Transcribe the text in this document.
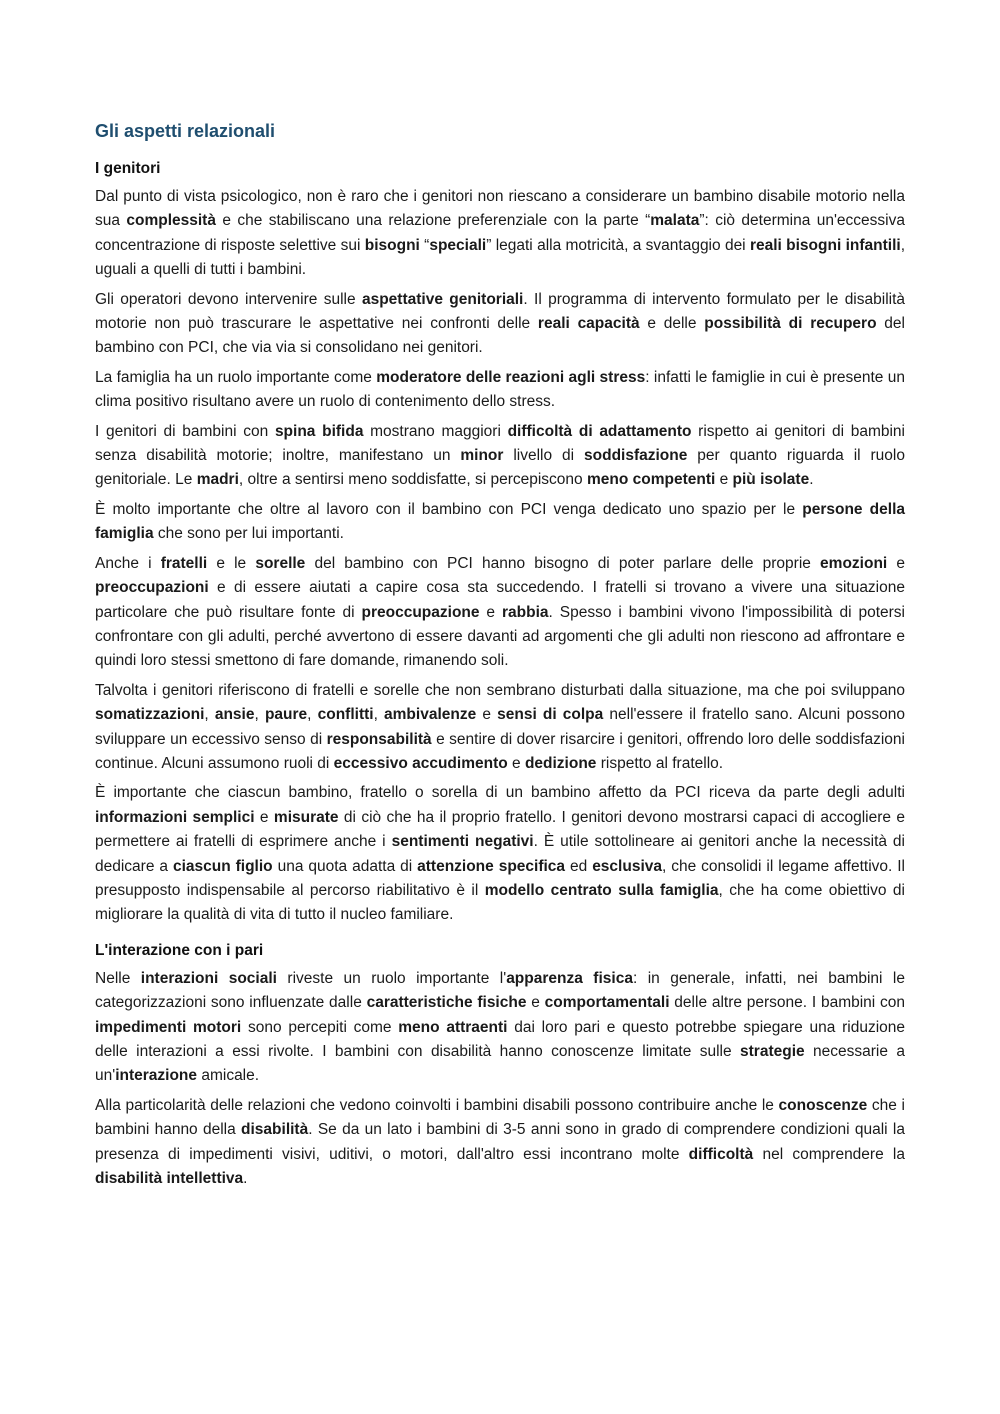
Gli aspetti relazionali
I genitori

Dal punto di vista psicologico, non è raro che i genitori non riescano a considerare un bambino disabile motorio nella sua complessità e che stabiliscano una relazione preferenziale con la parte “malata”: ciò determina un'eccessiva concentrazione di risposte selettive sui bisogni “speciali” legati alla motricità, a svantaggio dei reali bisogni infantili, uguali a quelli di tutti i bambini.

Gli operatori devono intervenire sulle aspettative genitoriali. Il programma di intervento formulato per le disabilità motorie non può trascurare le aspettative nei confronti delle reali capacità e delle possibilità di recupero del bambino con PCI, che via via si consolidano nei genitori.

La famiglia ha un ruolo importante come moderatore delle reazioni agli stress: infatti le famiglie in cui è presente un clima positivo risultano avere un ruolo di contenimento dello stress.

I genitori di bambini con spina bifida mostrano maggiori difficoltà di adattamento rispetto ai genitori di bambini senza disabilità motorie; inoltre, manifestano un minor livello di soddisfazione per quanto riguarda il ruolo genitoriale. Le madri, oltre a sentirsi meno soddisfatte, si percepiscono meno competenti e più isolate.

È molto importante che oltre al lavoro con il bambino con PCI venga dedicato uno spazio per le persone della famiglia che sono per lui importanti.

Anche i fratelli e le sorelle del bambino con PCI hanno bisogno di poter parlare delle proprie emozioni e preoccupazioni e di essere aiutati a capire cosa sta succedendo. I fratelli si trovano a vivere una situazione particolare che può risultare fonte di preoccupazione e rabbia. Spesso i bambini vivono l'impossibilità di potersi confrontare con gli adulti, perché avvertono di essere davanti ad argomenti che gli adulti non riescono ad affrontare e quindi loro stessi smettono di fare domande, rimanendo soli.

Talvolta i genitori riferiscono di fratelli e sorelle che non sembrano disturbati dalla situazione, ma che poi sviluppano somatizzazioni, ansie, paure, conflitti, ambivalenze e sensi di colpa nell'essere il fratello sano. Alcuni possono sviluppare un eccessivo senso di responsabilità e sentire di dover risarcire i genitori, offrendo loro delle soddisfazioni continue. Alcuni assumono ruoli di eccessivo accudimento e dedizione rispetto al fratello.

È importante che ciascun bambino, fratello o sorella di un bambino affetto da PCI riceva da parte degli adulti informazioni semplici e misurate di ciò che ha il proprio fratello. I genitori devono mostrarsi capaci di accogliere e permettere ai fratelli di esprimere anche i sentimenti negativi. È utile sottolineare ai genitori anche la necessità di dedicare a ciascun figlio una quota adatta di attenzione specifica ed esclusiva, che consolidi il legame affettivo. Il presupposto indispensabile al percorso riabilitativo è il modello centrato sulla famiglia, che ha come obiettivo di migliorare la qualità di vita di tutto il nucleo familiare.

L'interazione con i pari

Nelle interazioni sociali riveste un ruolo importante l'apparenza fisica: in generale, infatti, nei bambini le categorizzazioni sono influenzate dalle caratteristiche fisiche e comportamentali delle altre persone. I bambini con impedimenti motori sono percepiti come meno attraenti dai loro pari e questo potrebbe spiegare una riduzione delle interazioni a essi rivolte. I bambini con disabilità hanno conoscenze limitate sulle strategie necessarie a un'interazione amicale.

Alla particolarità delle relazioni che vedono coinvolti i bambini disabili possono contribuire anche le conoscenze che i bambini hanno della disabilità. Se da un lato i bambini di 3-5 anni sono in grado di comprendere condizioni quali la presenza di impedimenti visivi, uditivi, o motori, dall'altro essi incontrano molte difficoltà nel comprendere la disabilità intellettiva.
